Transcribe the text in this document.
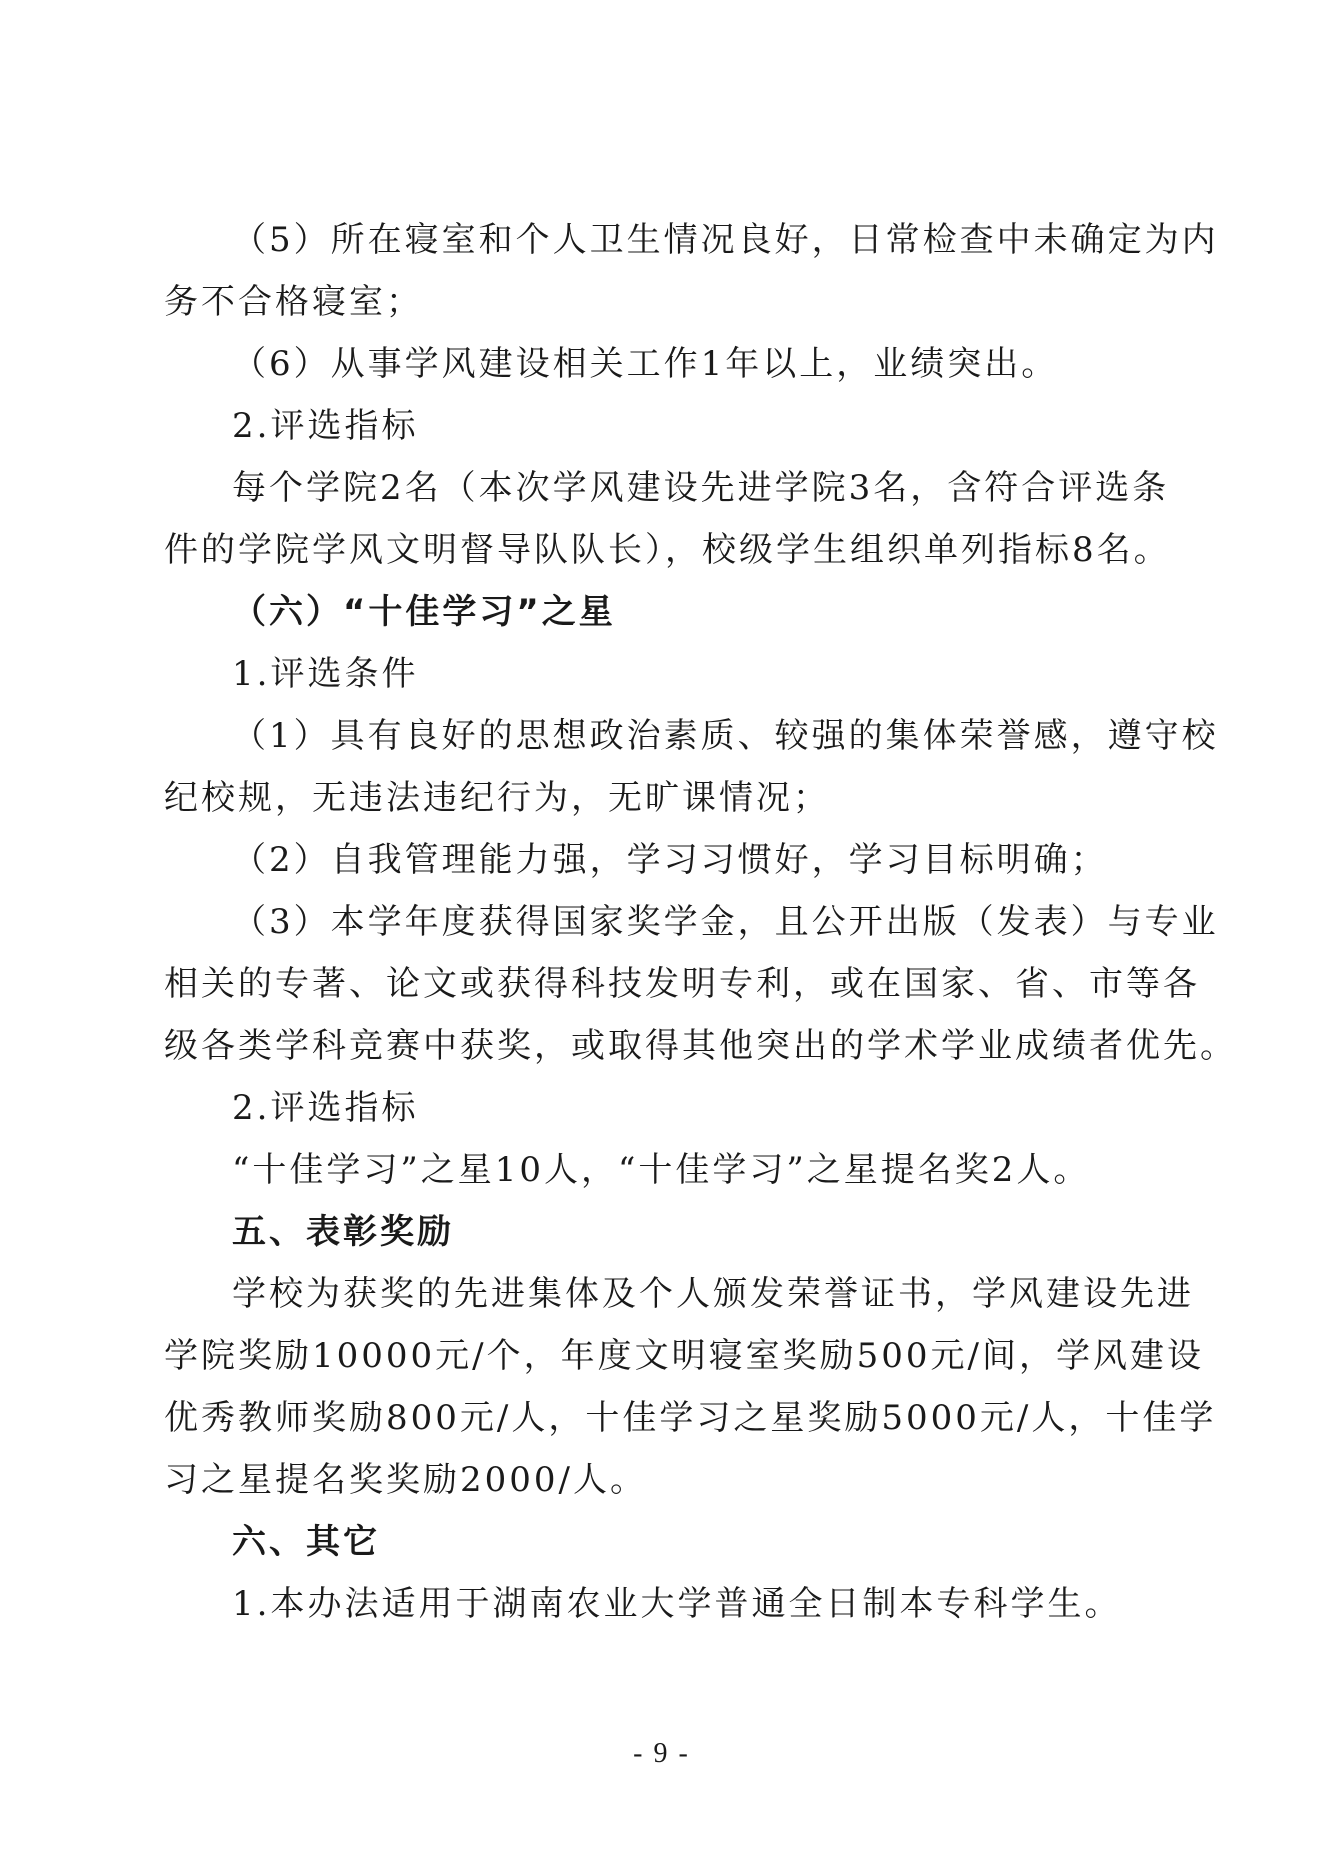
（5）所在寝室和个人卫生情况良好，日常检查中未确定为内
务不合格寝室；
（6）从事学风建设相关工作1年以上，业绩突出。
2.评选指标
每个学院2名（本次学风建设先进学院3名，含符合评选条
件的学院学风文明督导队队长），校级学生组织单列指标8名。
（六）“十佳学习”之星
1.评选条件
（1）具有良好的思想政治素质、较强的集体荣誉感，遵守校
纪校规，无违法违纪行为，无旷课情况；
（2）自我管理能力强，学习习惯好，学习目标明确；
（3）本学年度获得国家奖学金，且公开出版（发表）与专业
相关的专著、论文或获得科技发明专利，或在国家、省、市等各
级各类学科竞赛中获奖，或取得其他突出的学术学业成绩者优先。
2.评选指标
“十佳学习”之星10人，“十佳学习”之星提名奖2人。
五、表彰奖励
学校为获奖的先进集体及个人颁发荣誉证书，学风建设先进
学院奖励10000元/个，年度文明寝室奖励500元/间，学风建设
优秀教师奖励800元/人，十佳学习之星奖励5000元/人，十佳学
习之星提名奖奖励2000/人。
六、其它
1.本办法适用于湖南农业大学普通全日制本专科学生。
- 9 -
